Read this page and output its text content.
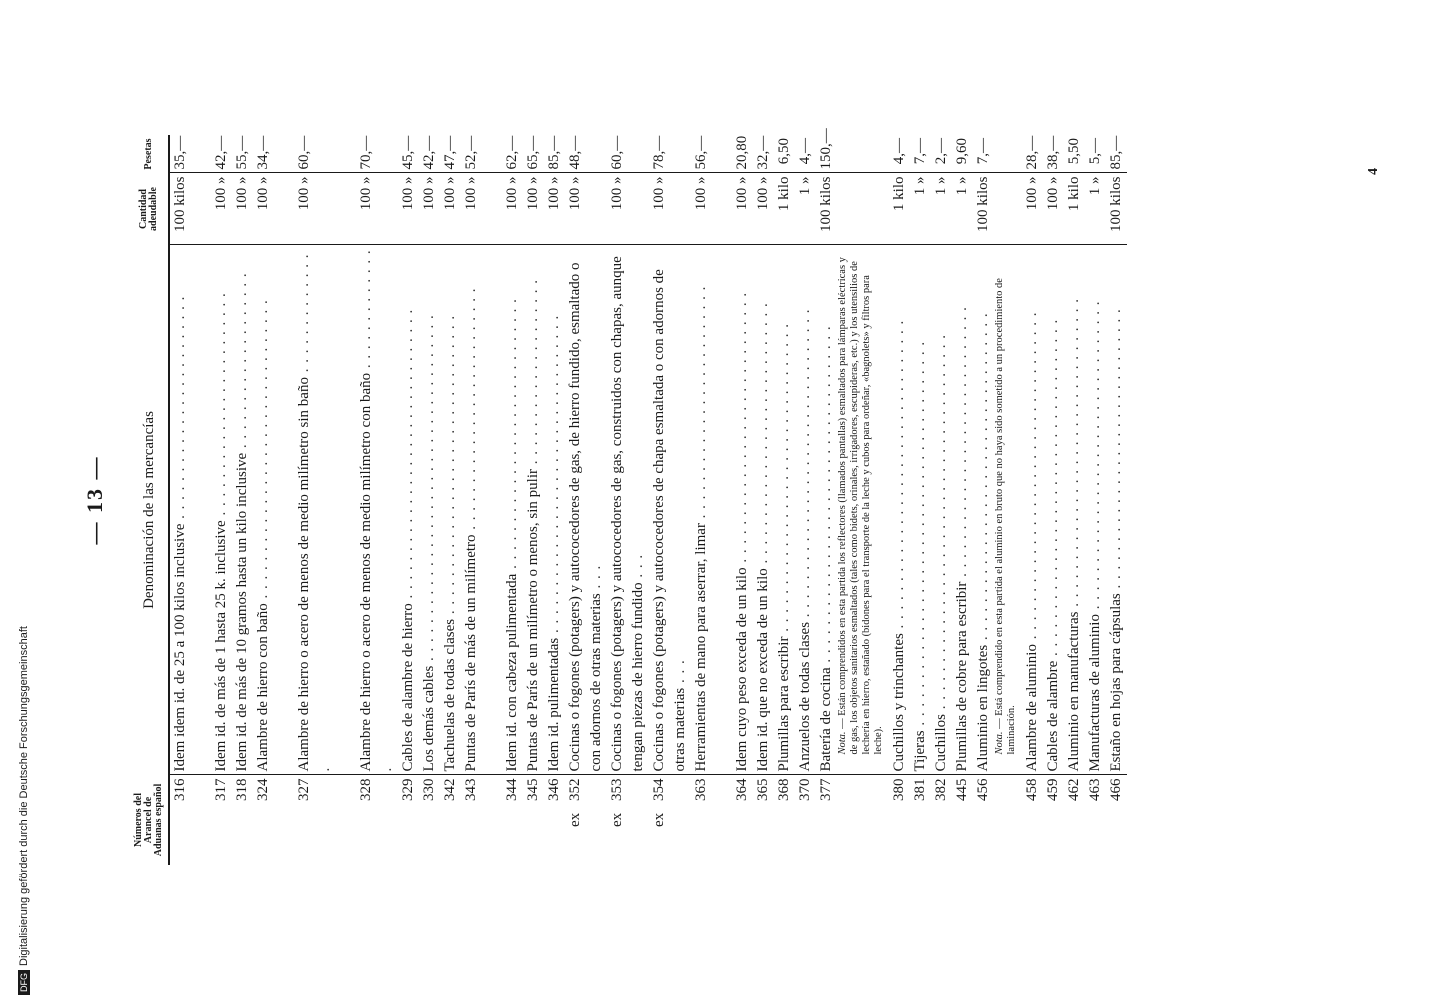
DFGDigitalisierung gefördert durch die Deutsche Forschungsgemeinschaft
— 13 —
Números del Arancel de Aduanas español	Denominación de las mercancías	Cantidad adeudable	Pesetas
316	Idem idem id. de 25 a 100 kilos inclusive . . . . . . . . . . . . . . . . . . . . . . . .	100 kilos	35,—

317	Idem id. de más de 1 hasta 25 k. inclusive . . . . . . . . . . . . . . . . . . . . . . . .	100 »	42,—
318	Idem id. de más de 10 gramos hasta un kilo inclusive . . . . . . . . . . . . . . . . . . .	100 »	55,—
324	Alambre de hierro con baño . . . . . . . . . . . . . . . . . . . . . . . . . . . . . . . .	100 »	34,—

327	Alambre de hierro o acero de menos de medio milímetro sin baño . . . . . . . . . . . . . .	100 »	60,—

328	Alambre de hierro o acero de menos de medio milímetro con baño . . . . . . . . . . . . . .	100 »	70,—
329	Cables de alambre de hierro . . . . . . . . . . . . . . . . . . . . . . . . . . . . . . .	100 »	45,—
330	Los demás cables . . . . . . . . . . . . . . . . . . . . . . . . . . . . . . . . . . . . .	100 »	42,—
342	Tachuelas de todas clases . . . . . . . . . . . . . . . . . . . . . . . . . . . . . . . .	100 »	47,—
343	Puntas de París de más de un milímetro . . . . . . . . . . . . . . . . . . . . . . . . . .	100 »	52,—

344	Idem id. con cabeza pulimentada . . . . . . . . . . . . . . . . . . . . . . . . . . . . .	100 »	62,—
345	Puntas de París de un milímetro o menos, sin pulir . . . . . . . . . . . . . . . . . . . .	100 »	65,—
346	Idem id. pulimentadas . . . . . . . . . . . . . . . . . . . . . . . . . . . . . . . . . .	100 »	85,—
ex352	Cocinas o fogones (potagers) y autococedores de gas, de hierro fundido, esmaltado o con adornos de otras materias . . .	100 »	48,—
ex353	Cocinas o fogones (potagers) y autococedores de gas, construidos con chapas, aunque tengan piezas de hierro fundido . . .	100 »	60,—
ex354	Cocinas o fogones (potagers) y autococedores de chapa esmaltada o con adornos de otras materias . . .	100 »	78,—
363	Herramientas de mano para aserrar, limar . . . . . . . . . . . . . . . . . . . . . . . . .	100 »	56,—

364	Idem cuyo peso exceda de un kilo . . . . . . . . . . . . . . . . . . . . . . . . . . . . .	100 »	20,80
365	Idem id. que no exceda de un kilo . . . . . . . . . . . . . . . . . . . . . . . . . . . .	100 »	32,—
368	Plumillas para escribir . . . . . . . . . . . . . . . . . . . . . . . . . . . . . . . . .	1 kilo	6,50
370	Anzuelos de todas clases . . . . . . . . . . . . . . . . . . . . . . . . . . . . . . . . .	1 »	4,—
377	Batería de cocina . . . . . . . . . . . . . . . . . . . . . . . . . . . . . . . . . . . .	100 kilos	150,—
	Nota. — Están comprendidos en esta partida los reflectores (llamados pantallas) esmaltados para lámparas eléctricas y de gas, los objetos sanitarios esmaltados (tales como bidets, orinales, irrigadores, escupideras, etc.) y los utensilios de lechería en hierro, estañado (bidones para el transporte de la leche y cubos para ordeñar, «bagnolets» y filtros para leche).		
380	Cuchillos y trinchantes . . . . . . . . . . . . . . . . . . . . . . . . . . . . . . . . .	1 kilo	4,—
381	Tijeras . . . . . . . . . . . . . . . . . . . . . . . . . . . . . . . . . . . . . . . . .	1 »	7,—
382	Cuchillos . . . . . . . . . . . . . . . . . . . . . . . . . . . . . . . . . . . . . . . .	1 »	2,—
445	Plumillas de cobre para escribir . . . . . . . . . . . . . . . . . . . . . . . . . . . . .	1 »	9,60
456	Aluminio en lingotes . . . . . . . . . . . . . . . . . . . . . . . . . . . . . . . . . . .	100 kilos	7,—
	Nota. — Está comprendido en esta partida el aluminio en bruto que no haya sido sometido a un procedimiento de laminación.		
458	Alambre de aluminio . . . . . . . . . . . . . . . . . . . . . . . . . . . . . . . . . . .	100 »	28,—
459	Cables de alambre . . . . . . . . . . . . . . . . . . . . . . . . . . . . . . . . . . . .	100 »	38,—
462	Aluminio en manufacturas . . . . . . . . . . . . . . . . . . . . . . . . . . . . . . . . .	1 kilo	5,50
463	Manufacturas de aluminio . . . . . . . . . . . . . . . . . . . . . . . . . . . . . . . . .	1 »	5,—
466	Estaño en hojas para cápsulas . . . . . . . . . . . . . . . . . . . . . . . . . . . . . .	100 kilos	85,—
4
